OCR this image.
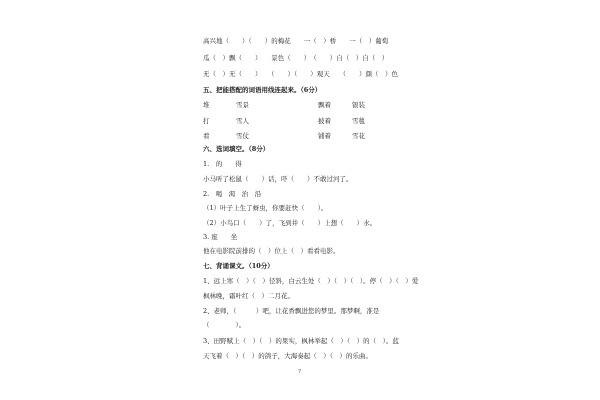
高兴地（　　）（　　）的梅花　　一（　）桥　　一（　）葡萄
瓜（　）飘（　　）　　景色（　　）　（　　）自（　）自（　）
无（　）无（　　）　　（　　）（　　）观天　　（　　）颜（　）色
五、把能搭配的词语用线连起来。（6分）
堆	雪景	飘着	银装
打	雪人	披着	雪毯
看	雪仗	铺着	雪花
六、选词填空。（8分）
1.　的　　得
小马听了松鼠（　　）话，吓（　　）不敢过河了。
2.　喝　渴　治　沿
（1）叶子上生了蚜虫，你要赶快（　　）。
（2）小鸟口（　　）了，飞到井（　　）上想（　　）水。
3. 座　　坐
他在电影院前排的（　）位上（　）看看电影。
七、背诵课文。（10分）
1、远上寒（　）（　）径斜，白云生处（　）（　）（　）。停（　）（　）爱
枫林晚，霜叶红（　）二月花。
2、老师，（　　　）吧，让花香飘进您的梦里。那梦啊，准是
（　　　　）。
3、田野赋上（　）（　）的果实，枫林举起（　）（　）的（　）。蓝
天飞着（　）（　）的鸽子，大海奏起（　）（　）的乐曲。
7
